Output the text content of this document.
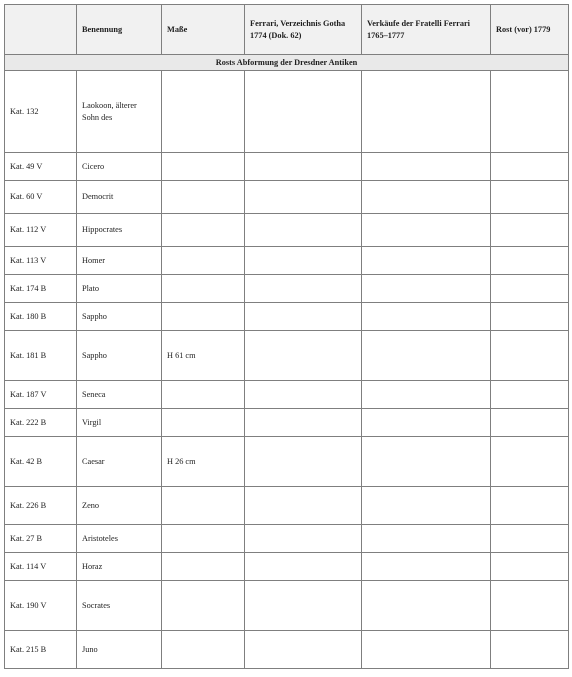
	Benennung	Maße	Ferrari, Verzeichnis Gotha 1774 (Dok. 62)	Verkäufe der Fratelli Ferrari 1765–1777	Rost (vor) 1779
Rosts Abformung der Dresdner Antiken					
Kat. 132	Laokoon, älterer Sohn des				
Kat. 49 V	Cicero				
Kat. 60 V	Democrit				
Kat. 112 V	Hippocrates				
Kat. 113 V	Homer				
Kat. 174 B	Plato				
Kat. 180 B	Sappho				
Kat. 181 B	Sappho	H 61 cm			
Kat. 187 V	Seneca				
Kat. 222 B	Virgil				
Kat. 42 B	Caesar	H 26 cm			
Kat. 226 B	Zeno				
Kat. 27 B	Aristoteles				
Kat. 114 V	Horaz				
Kat. 190 V	Socrates				
Kat. 215 B	Juno				
